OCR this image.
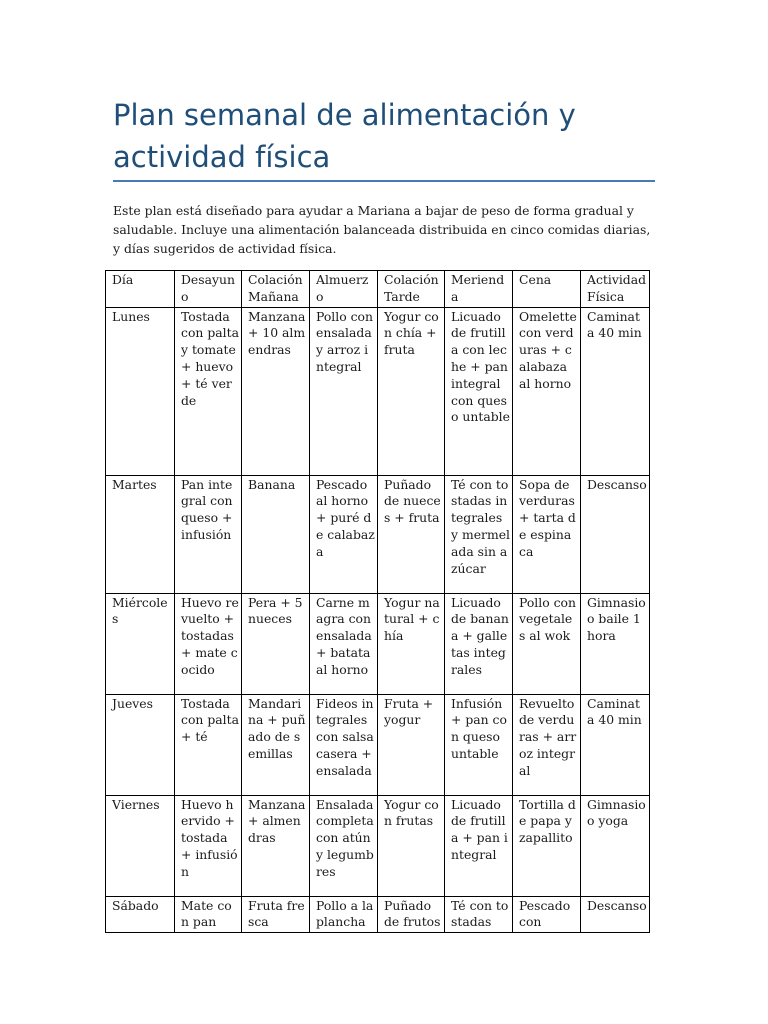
Plan semanal de alimentación y actividad física

Este plan está diseñado para ayudar a Mariana a bajar de peso de forma gradual y saludable. Incluye una alimentación balanceada distribuida en cinco comidas diarias, y días sugeridos de actividad física.

Día	Desayuno	Colación Mañana	Almuerzo	Colación Tarde	Merienda	Cena	Actividad Física
Lunes	Tostada con palta y tomate + huevo + té verde	Manzana + 10 almendras	Pollo con ensalada y arroz integral	Yogur con chía + fruta	Licuado de frutilla con leche + pan integral con queso untable	Omelette con verduras + calabaza al horno	Caminata 40 min
Martes	Pan integral con queso + infusión	Banana	Pescado al horno + puré de calabaza	Puñado de nueces + fruta	Té con tostadas integrales y mermelada sin azúcar	Sopa de verduras + tarta de espinaca	Descanso
Miércoles	Huevo revuelto + tostadas + mate cocido	Pera + 5 nueces	Carne magra con ensalada + batata al horno	Yogur natural + chía	Licuado de banana + galletas integrales	Pollo con vegetales al wok	Gimnasio o baile 1 hora
Jueves	Tostada con palta + té	Mandarina + puñado de semillas	Fideos integrales con salsa casera + ensalada	Fruta + yogur	Infusión + pan con queso untable	Revuelto de verduras + arroz integral	Caminata 40 min
Viernes	Huevo hervido + tostada + infusión	Manzana + almendras	Ensalada completa con atún y legumbres	Yogur con frutas	Licuado de frutilla + pan integral	Tortilla de papa y zapallito	Gimnasio o yoga
Sábado	Mate con pan	Fruta fresca	Pollo a la plancha	Puñado de frutos	Té con tostadas	Pescado con	Descanso
